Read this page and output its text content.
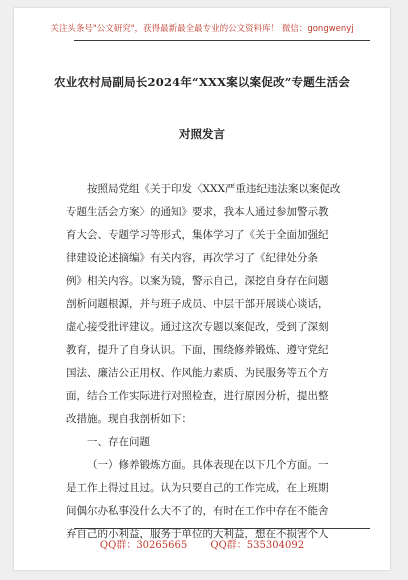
关注头条号"公文研究"，获得最新最全最专业的公文资料库！ 微信：gongwenyj
农业农村局副局长2024年“XXX案以案促改”专题生活会
对照发言
按照局党组《关于印发〈XXX严重违纪违法案以案促改
专题生活会方案〉的通知》要求，我本人通过参加警示教
育大会、专题学习等形式，集体学习了《关于全面加强纪
律建设论述摘编》有关内容，再次学习了《纪律处分条
例》相关内容。以案为镜，警示自己，深挖自身存在问题
剖析问题根源，并与班子成员、中层干部开展谈心谈话，
虚心接受批评建议。通过这次专题以案促改，受到了深刻
教育，提升了自身认识。下面，围绕修养锻炼、遵守党纪
国法、廉洁公正用权、作风能力素质、为民服务等五个方
面，结合工作实际进行对照检查，进行原因分析，提出整
改措施。现自我剖析如下：
一、存在问题
（一）修养锻炼方面。具体表现在以下几个方面。一
是工作上得过且过。认为只要自己的工作完成，在上班期
间偶尔办私事没什么大不了的，有时在工作中存在不能舍
弃自己的小利益，服务于单位的大利益，想在不损害个人
QQ群：30265665 QQ群：535304092
